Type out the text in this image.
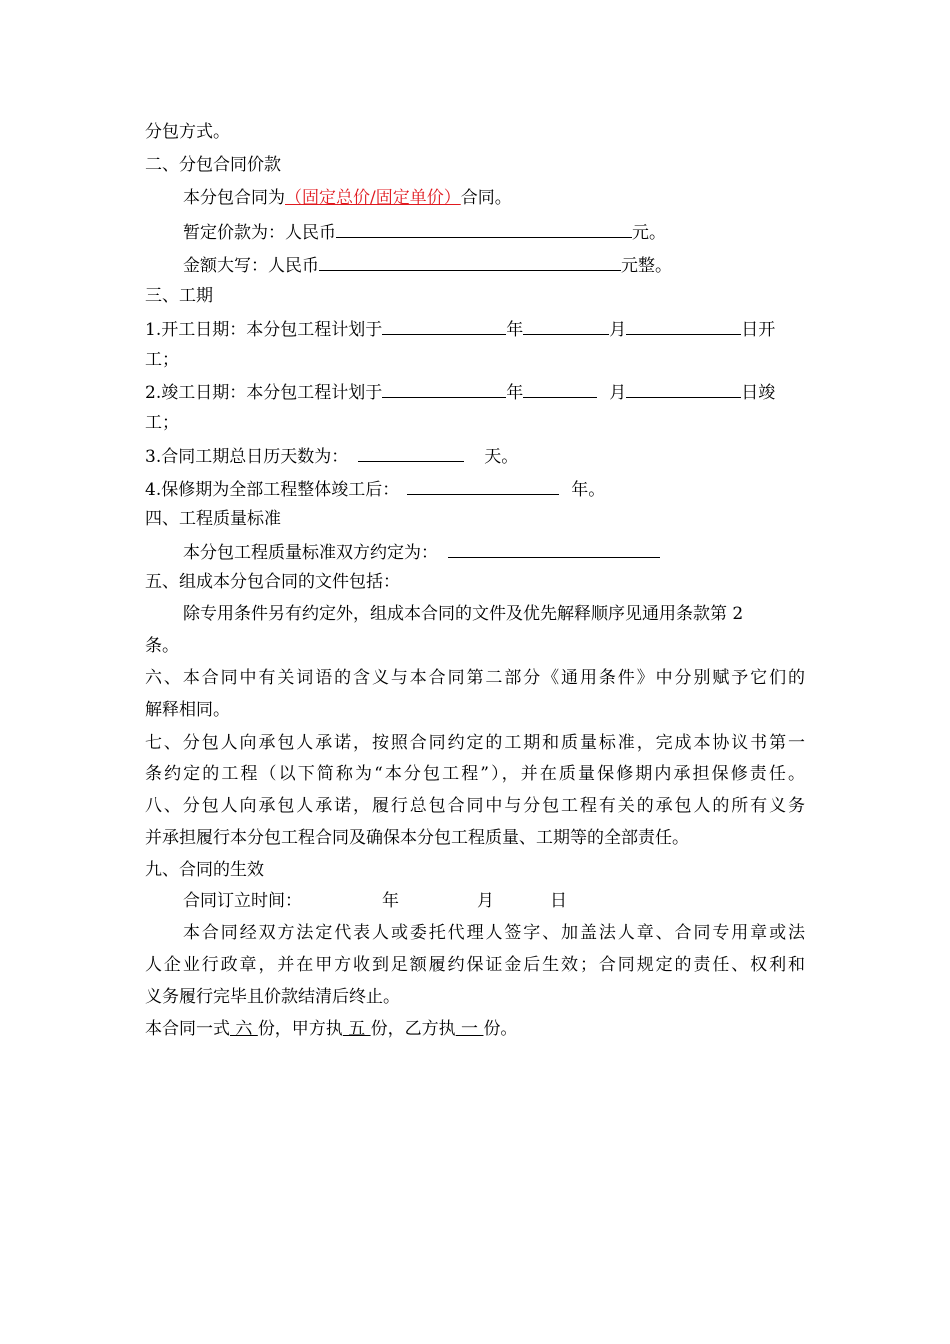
分包方式。
二、分包合同价款
本分包合同为（固定总价/固定单价）合同。
暂定价款为：人民币	元。
金额大写：人民币	元整。
三、工期
1.开工日期：本分包工程计划于	年	月	日开
工；
2.竣工日期：本分包工程计划于	年	月	日竣
工；
3.合同工期总日历天数为：	天。
4.保修期为全部工程整体竣工后：	年。
四、工程质量标准
本分包工程质量标准双方约定为：
五、组成本分包合同的文件包括：
除专用条件另有约定外，组成本合同的文件及优先解释顺序见通用条款第 2
条。
六、本合同中有关词语的含义与本合同第二部分《通用条件》中分别赋予它们的
解释相同。
七、分包人向承包人承诺，按照合同约定的工期和质量标准，完成本协议书第一
条约定的工程（以下简称为“本分包工程”），并在质量保修期内承担保修责任。
八、分包人向承包人承诺，履行总包合同中与分包工程有关的承包人的所有义务
并承担履行本分包工程合同及确保本分包工程质量、工期等的全部责任。
九、合同的生效
合同订立时间：	年	月	日
本合同经双方法定代表人或委托代理人签字、加盖法人章、合同专用章或法
人企业行政章，并在甲方收到足额履约保证金后生效；合同规定的责任、权利和
义务履行完毕且价款结清后终止。
本合同一式 六 份，甲方执 五 份，乙方执 一 份。
